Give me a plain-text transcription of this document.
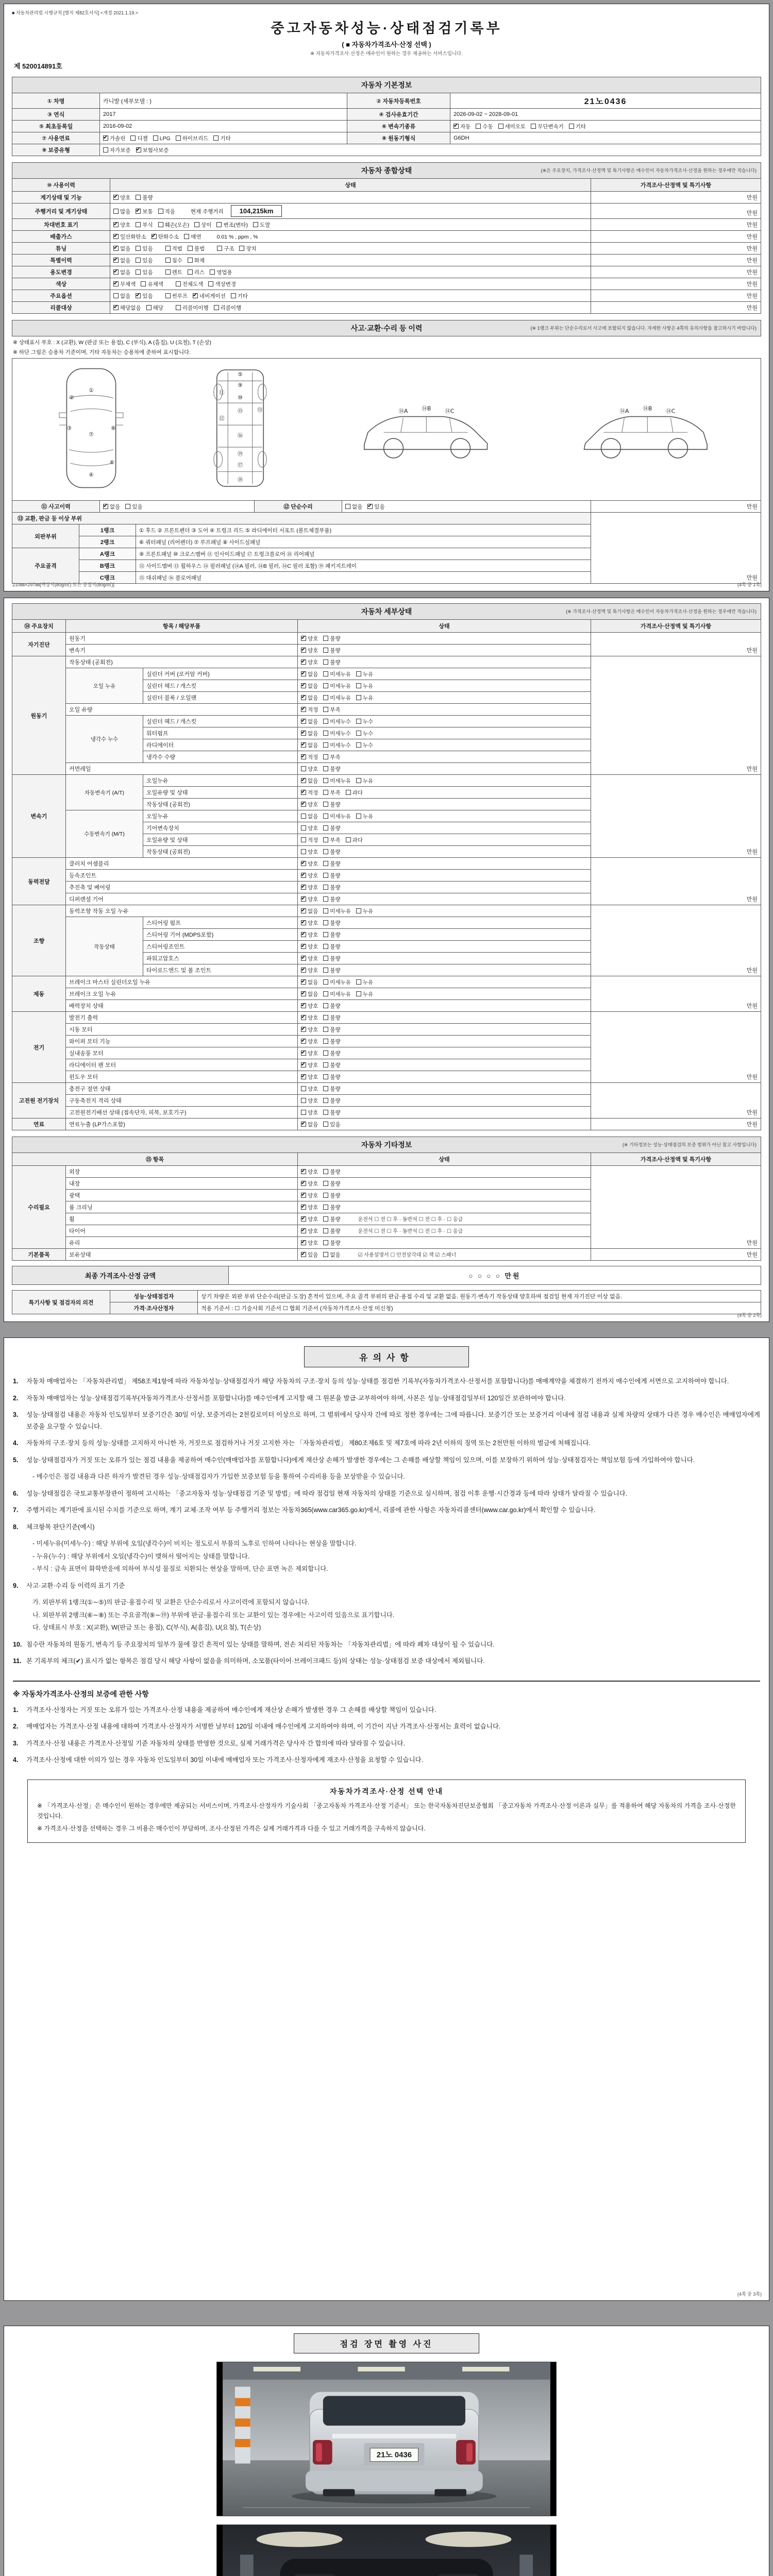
■ 자동차관리법 시행규칙 [별지 제82호서식] <개정 2021.1.19.>
중고자동차성능·상태점검기록부
( ■ 자동차가격조사·산정 선택 )
※ 자동차가격조사·산정은 매수인이 원하는 경우 제공하는 서비스입니다.
제 520014891호
자동차 기본정보
① 차명	카니발 (세부모델 : )	② 자동차등록번호	21노0436
③ 연식	2017	④ 검사유효기간	2026-09-02 ~ 2028-09-01
⑤ 최초등록일	2016-09-02	⑥ 변속기종류	✔자동 수동 세미오토 무단변속기 기타
⑦ 사용연료	✔가솔린 디젤 LPG 하이브리드 기타	⑧ 원동기형식	G6DH
⑨ 보증유형	자가보증 ✔ 보험사보증
자동차 종합상태	(※은 주요장치, 가격조사·산정액 및 특기사항은 매수인이 자동차가격조사·산정을 원하는 경우에만 적습니다)
⑩ 사용이력	상태	가격조사·산정액 및 특기사항
계기상태 및 기능	✔양호 불량	만원
주행거리 및 계기상태	많음 ✔ 보통 적음 현재 주행거리 104,215km	만원
차대번호 표기	✔양호 부식 훼손(오손) 상이 변조(변타) 도말	만원
배출가스	✔일산화탄소 ✔ 탄화수소 매연 0.01 % , ppm , %	만원
튜닝	✔없음 있음 적법 불법 구조 장치	만원
특별이력	✔없음 있음 침수 화재	만원
용도변경	✔없음 있음 렌트 리스 영업용	만원
색상	✔무채색 유채색 전체도색 색상변경	만원
주요옵션	없음 ✔ 있음 썬루프 ✔ 네비게이션 기타	만원
리콜대상	✔해당없음 해당 리콜미이행 리콜이행	만원
사고·교환·수리 등 이력	(※ 1랭크 부위는 단순수리로서 사고에 포함되지 않습니다. 자세한 사항은 4쪽의 유의사항을 참고하시기 바랍니다)
※ 상태표시 부호 : X (교환), W (판금 또는 용접), C (부식), A (흠집), U (요철), T (손상)
※ 하단 그림은 승용차 기준이며, 기타 자동차는 승용차에 준하여 표시합니다.
①
②
③
⑦
⑧
⑥
④
⑤
⑨
⑩
⑪
⑫
⑬
⑮
⑯
⑲
⑰
⑱
⑭A	⑭B	⑭C	⑭A	⑭B	⑭C
⑪ 사고이력	✔없음 있음	⑫ 단순수리	없음 ✔ 있음	만원
⑬ 교환, 판금 등 이상 부위			만원
외판부위	1랭크	① 후드 ② 프론트펜더 ③ 도어 ④ 트렁크 리드 ⑤ 라디에이터 서포트 (볼트체결부품)	
	2랭크	⑥ 쿼터패널 (리어펜더) ⑦ 루프패널 ⑧ 사이드실패널	
주요골격	A랭크	⑨ 프론트패널 ⑩ 크로스멤버 ⑪ 인사이드패널 ⑰ 트렁크플로어 ⑱ 리어패널	
	B랭크	⑫ 사이드멤버 ⑬ 휠하우스 ⑭ 필러패널 (⑭A 필러, ⑭B 필러, ⑭C 필러 포함) ⑲ 패키지트레이	
	C랭크	⑮ 대쉬패널 ⑯ 플로어패널	
210㎜×297㎜[백상지(80g/㎡) 또는 중질지(80g/㎡)]	(4쪽 중 1쪽)
자동차 세부상태	(※ 가격조사·산정액 및 특기사항은 매수인이 자동차가격조사·산정을 원하는 경우에만 적습니다)
⑭ 주요장치	항목 / 해당부품		상태	가격조사·산정액 및 특기사항
자기진단	원동기	✔양호 불량	만원
	변속기	✔양호 불량
원동기	작동상태 (공회전)	✔양호 불량	만원
	오일 누유	실린더 커버 (로커암 커버)	✔없음 미세누유 누유
		실린더 헤드 / 개스킷	✔없음 미세누유 누유
		실린더 블록 / 오일팬	✔없음 미세누유 누유
	오일 유량	✔적정 부족
	냉각수 누수	실린더 헤드 / 개스킷	✔없음 미세누수 누수
		워터펌프	✔없음 미세누수 누수
		라디에이터	✔없음 미세누수 누수
		냉각수 수량	✔적정 부족
	커먼레일		양호 불량	
변속기	자동변속기 (A/T)	오일누유	✔없음 미세누유 누유	만원
		오일유량 및 상태	✔적정 부족 과다
		작동상태 (공회전)	✔양호 불량
	수동변속기 (M/T)	오일누유	없음 미세누유 누유	
		기어변속장치	양호 불량	
		오일유량 및 상태	적정 부족 과다	
		작동상태 (공회전)	양호 불량	
동력전달	클러치 어셈블리	✔양호 불량	만원
	등속조인트	✔양호 불량
	추진축 및 베어링	✔양호 불량
	디퍼렌셜 기어	✔양호 불량
조향	동력조향 작동 오일 누유	✔없음 미세누유 누유	만원
	작동상태	스티어링 펌프	✔양호 불량
		스티어링 기어 (MDPS포함)	✔양호 불량
		스티어링조인트	✔양호 불량
		파워고압호스	✔양호 불량
		타이로드엔드 및 볼 조인트	✔양호 불량
제동	브레이크 마스터 실린더오일 누유	✔없음 미세누유 누유	만원
	브레이크 오일 누유	✔없음 미세누유 누유
	배력장치 상태	✔양호 불량
전기	발전기 출력	✔양호 불량	만원
	시동 모터	✔양호 불량
	와이퍼 모터 기능	✔양호 불량
	실내송풍 모터	✔양호 불량
	라디에이터 팬 모터	✔양호 불량
	윈도우 모터	✔양호 불량
고전원 전기장치	충전구 절연 상태		양호 불량	만원
	구동축전지 격리 상태		양호 불량	
	고전원전기배선 상태 (접속단자, 피복, 보호기구)		양호 불량	
연료	연료누출 (LP가스포함)	✔없음 있음	만원
자동차 기타정보	(※ 기타정보는 성능·상태점검의 보증 범위가 아닌 참고 사항입니다)
⑮ 항목		상태	가격조사·산정액 및 특기사항
수리필요	외장	✔양호 불량	만원
	내장	✔양호 불량
	광택	✔양호 불량
	룸 크리닝	✔양호 불량
	휠	✔양호 불량 운전석 ☐ 전 ☐ 후 · 동반석 ☐ 전 ☐ 후 · ☐ 응급
	타이어	✔양호 불량 운전석 ☐ 전 ☐ 후 · 동반석 ☐ 전 ☐ 후 · ☐ 응급
	유리	✔양호 불량
기본품목	보유상태	✔있음 없음 ☑ 사용설명서 ☐ 안전삼각대 ☑ 잭 ☑ 스패너	만원
최종 가격조사·산정 금액	○ ○ ○ ○ 만원
특기사항 및 점검자의 의견	성능·상태점검자	상기 차량은 외판 부위 단순수리(판금·도장) 흔적이 있으며, 주요 골격 부위의 판금·용접 수리 및 교환 없음. 원동기·변속기 작동상태 양호하며 점검일 현재 자기진단 이상 없음.
	가격·조사산정자	적용 기준서 : ☐ 기술사회 기준서 ☐ 협회 기준서 (자동차가격조사·산정 미신청)
(4쪽 중 2쪽)
유의사항
1.	자동차 매매업자는 「자동차관리법」 제58조제1항에 따라 자동차성능·상태점검자가 해당 자동차의 구조·장치 등의 성능·상태를 점검한 기록부(자동차가격조사·산정서를 포함합니다)를 매매계약을 체결하기 전까지 매수인에게 서면으로 고지하여야 합니다.
2.	자동차 매매업자는 성능·상태점검기록부(자동차가격조사·산정서를 포함합니다)를 매수인에게 고지할 때 그 원본을 발급·교부하여야 하며, 사본은 성능·상태점검일부터 120일간 보관하여야 합니다.
3.	성능·상태점검 내용은 자동차 인도일부터 보증기간은 30일 이상, 보증거리는 2천킬로미터 이상으로 하며, 그 범위에서 당사자 간에 따로 정한 경우에는 그에 따릅니다. 보증기간 또는 보증거리 이내에 점검 내용과 실제 차량의 상태가 다른 경우 매수인은 매매업자에게 보증을 요구할 수 있습니다.
4.	자동차의 구조·장치 등의 성능·상태를 고지하지 아니한 자, 거짓으로 점검하거나 거짓 고지한 자는 「자동차관리법」 제80조제6호 및 제7호에 따라 2년 이하의 징역 또는 2천만원 이하의 벌금에 처해집니다.
5.	성능·상태점검자가 거짓 또는 오류가 있는 점검 내용을 제공하여 매수인(매매업자를 포함합니다)에게 재산상 손해가 발생한 경우에는 그 손해를 배상할 책임이 있으며, 이를 보장하기 위하여 성능·상태점검자는 책임보험 등에 가입하여야 합니다.
- 매수인은 점검 내용과 다른 하자가 발견된 경우 성능·상태점검자가 가입한 보증보험 등을 통하여 수리비용 등을 보상받을 수 있습니다.
6.	성능·상태점검은 국토교통부장관이 정하여 고시하는 「중고자동차 성능·상태점검 기준 및 방법」에 따라 점검일 현재 자동차의 상태를 기준으로 실시하며, 점검 이후 운행·시간경과 등에 따라 상태가 달라질 수 있습니다.
7.	주행거리는 계기판에 표시된 수치를 기준으로 하며, 계기 교체·조작 여부 등 주행거리 정보는 자동차365(www.car365.go.kr)에서, 리콜에 관한 사항은 자동차리콜센터(www.car.go.kr)에서 확인할 수 있습니다.
8.	체크항목 판단기준(예시)
- 미세누유(미세누수) : 해당 부위에 오일(냉각수)이 비치는 정도로서 부품의 노후로 인하여 나타나는 현상을 말합니다.
- 누유(누수) : 해당 부위에서 오일(냉각수)이 맺혀서 떨어지는 상태를 말합니다.
- 부식 : 금속 표면이 화학반응에 의하여 부식성 물질로 치환되는 현상을 말하며, 단순 표면 녹은 제외합니다.
9.	사고·교환·수리 등 이력의 표기 기준
가. 외판부위 1랭크(①∼⑤)의 판금·용접수리 및 교환은 단순수리로서 사고이력에 포함되지 않습니다.
나. 외판부위 2랭크(⑥∼⑧) 또는 주요골격(⑨∼⑲) 부위에 판금·용접수리 또는 교환이 있는 경우에는 사고이력 있음으로 표기합니다.
다. 상태표시 부호 : X(교환), W(판금 또는 용접), C(부식), A(흠집), U(요철), T(손상)
10. 침수란 자동차의 원동기, 변속기 등 주요장치의 일부가 물에 잠긴 흔적이 있는 상태를 말하며, 전손 처리된 자동차는 「자동차관리법」에 따라 폐차 대상이 될 수 있습니다.
11. 본 기록부의 체크(✔) 표시가 없는 항목은 점검 당시 해당 사항이 없음을 의미하며, 소모품(타이어·브레이크패드 등)의 상태는 성능·상태점검 보증 대상에서 제외됩니다.
※ 자동차가격조사·산정의 보증에 관한 사항
1.	가격조사·산정자는 거짓 또는 오류가 있는 가격조사·산정 내용을 제공하여 매수인에게 재산상 손해가 발생한 경우 그 손해를 배상할 책임이 있습니다.
2.	매매업자는 가격조사·산정 내용에 대하여 가격조사·산정자가 서명한 날부터 120일 이내에 매수인에게 고지하여야 하며, 이 기간이 지난 가격조사·산정서는 효력이 없습니다.
3.	가격조사·산정 내용은 가격조사·산정일 기준 자동차의 상태를 반영한 것으로, 실제 거래가격은 당사자 간 합의에 따라 달라질 수 있습니다.
4.	가격조사·산정에 대한 이의가 있는 경우 자동차 인도일부터 30일 이내에 매매업자 또는 가격조사·산정자에게 재조사·산정을 요청할 수 있습니다.
자동차가격조사·산정 선택 안내
※ 「가격조사·산정」은 매수인이 원하는 경우에만 제공되는 서비스이며, 가격조사·산정자가 기술사회 「중고자동차 가격조사·산정 기준서」 또는 한국자동차진단보증협회 「중고자동차 가격조사·산정 이론과 실무」를 적용하여 해당 자동차의 가격을 조사·산정한 것입니다.
※ 가격조사·산정을 선택하는 경우 그 비용은 매수인이 부담하며, 조사·산정된 가격은 실제 거래가격과 다를 수 있고 거래가격을 구속하지 않습니다.
(4쪽 중 3쪽)
점검 장면 촬영 사진
21노 0436
